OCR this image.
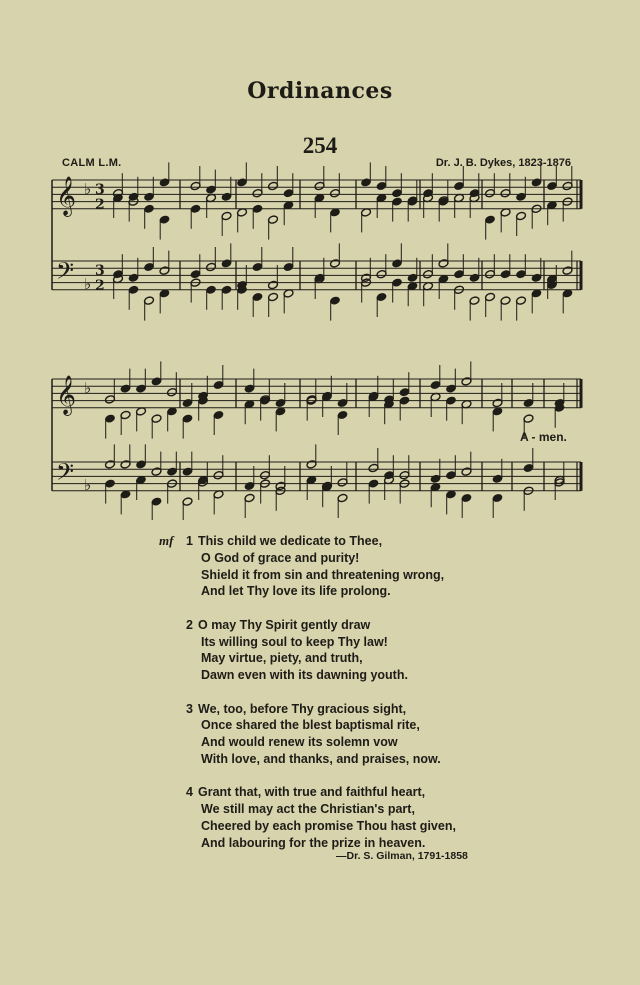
Ordinances
254
CALM L.M.	Dr. J. B. Dykes, 1823-1876
𝄞
𝄢
♭
♭
3
2
3
2
𝄞
𝄢
♭
♭
A - men.
mf 1 This child we dedicate to Thee,
O God of grace and purity!
Shield it from sin and threatening wrong,
And let Thy love its life prolong.
2 O may Thy Spirit gently draw
Its willing soul to keep Thy law!
May virtue, piety, and truth,
Dawn even with its dawning youth.
3 We, too, before Thy gracious sight,
Once shared the blest baptismal rite,
And would renew its solemn vow
With love, and thanks, and praises, now.
4 Grant that, with true and faithful heart,
We still may act the Christian's part,
Cheered by each promise Thou hast given,
And labouring for the prize in heaven.
—Dr. S. Gilman, 1791-1858
